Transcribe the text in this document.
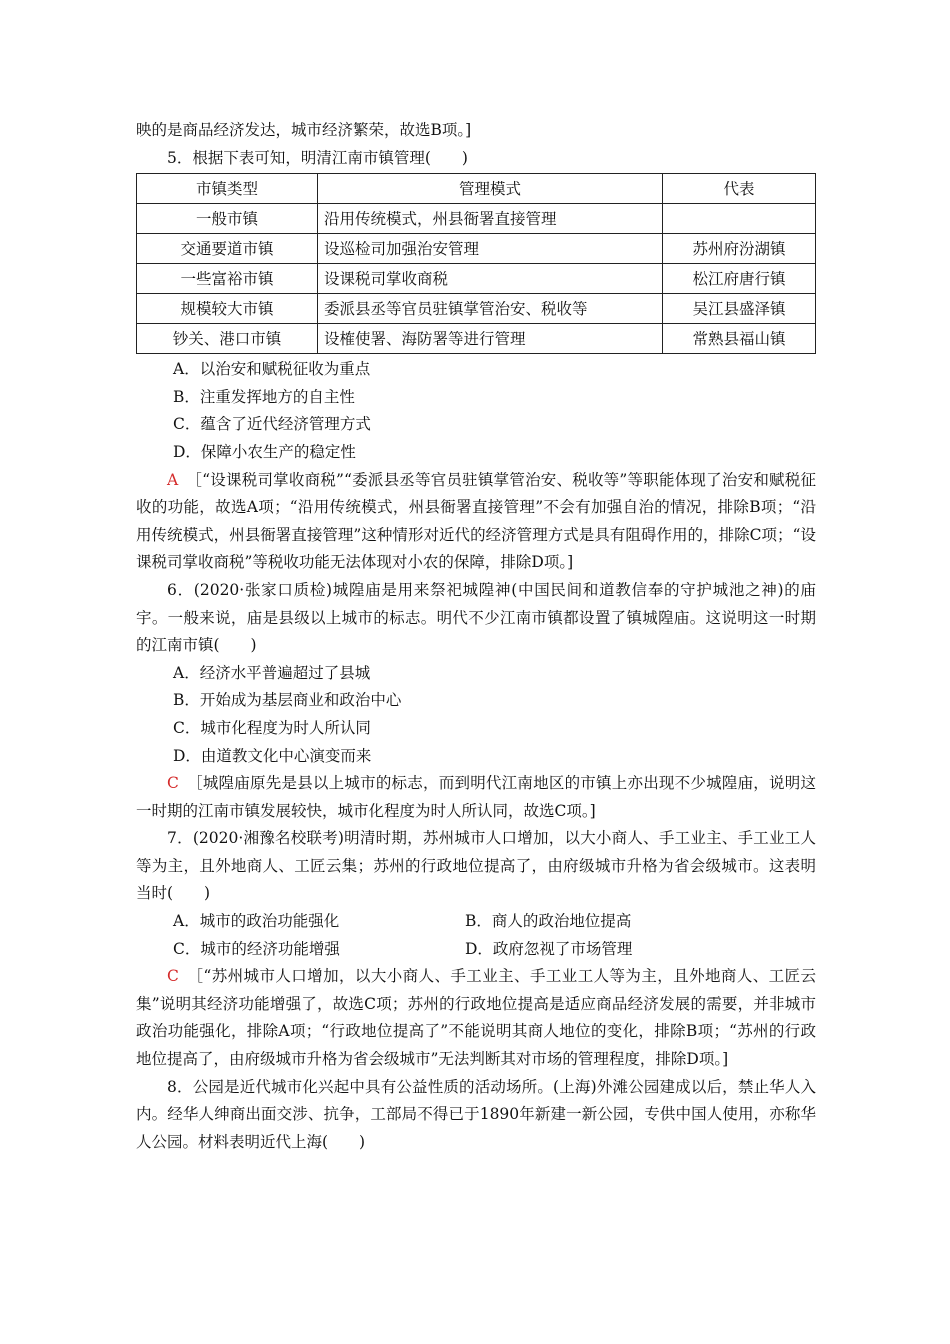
映的是商品经济发达，城市经济繁荣，故选B项。]

5．根据下表可知，明清江南市镇管理(　　)

市镇类型	管理模式	代表
一般市镇	沿用传统模式，州县衙署直接管理	
交通要道市镇	设巡检司加强治安管理	苏州府汾湖镇
一些富裕市镇	设课税司掌收商税	松江府唐行镇
规模较大市镇	委派县丞等官员驻镇掌管治安、税收等	吴江县盛泽镇
钞关、港口市镇	设榷使署、海防署等进行管理	常熟县福山镇

A．以治安和赋税征收为重点

B．注重发挥地方的自主性

C．蕴含了近代经济管理方式

D．保障小农生产的稳定性

A　 ［“设课税司掌收商税”“委派县丞等官员驻镇掌管治安、税收等”等职能体现了治安和赋税征收的功能，故选A项；“沿用传统模式，州县衙署直接管理”不会有加强自治的情况，排除B项；“沿用传统模式，州县衙署直接管理”这种情形对近代的经济管理方式是具有阻碍作用的，排除C项；“设课税司掌收商税”等税收功能无法体现对小农的保障，排除D项。]

6．(2020·张家口质检)城隍庙是用来祭祀城隍神(中国民间和道教信奉的守护城池之神)的庙宇。一般来说，庙是县级以上城市的标志。明代不少江南市镇都设置了镇城隍庙。这说明这一时期的江南市镇(　　)

A．经济水平普遍超过了县城

B．开始成为基层商业和政治中心

C．城市化程度为时人所认同

D．由道教文化中心演变而来

C　 ［城隍庙原先是县以上城市的标志，而到明代江南地区的市镇上亦出现不少城隍庙，说明这一时期的江南市镇发展较快，城市化程度为时人所认同，故选C项。]

7．(2020·湘豫名校联考)明清时期，苏州城市人口增加，以大小商人、手工业主、手工业工人等为主，且外地商人、工匠云集；苏州的行政地位提高了，由府级城市升格为省会级城市。这表明当时(　　)

A．城市的政治功能强化	B．商人的政治地位提高
C．城市的经济功能增强	D．政府忽视了市场管理

C　 ［“苏州城市人口增加，以大小商人、手工业主、手工业工人等为主，且外地商人、工匠云集”说明其经济功能增强了，故选C项；苏州的行政地位提高是适应商品经济发展的需要，并非城市政治功能强化，排除A项；“行政地位提高了”不能说明其商人地位的变化，排除B项；“苏州的行政地位提高了，由府级城市升格为省会级城市”无法判断其对市场的管理程度，排除D项。]

8．公园是近代城市化兴起中具有公益性质的活动场所。(上海)外滩公园建成以后，禁止华人入内。经华人绅商出面交涉、抗争，工部局不得已于1890年新建一新公园，专供中国人使用，亦称华人公园。材料表明近代上海(　　)
